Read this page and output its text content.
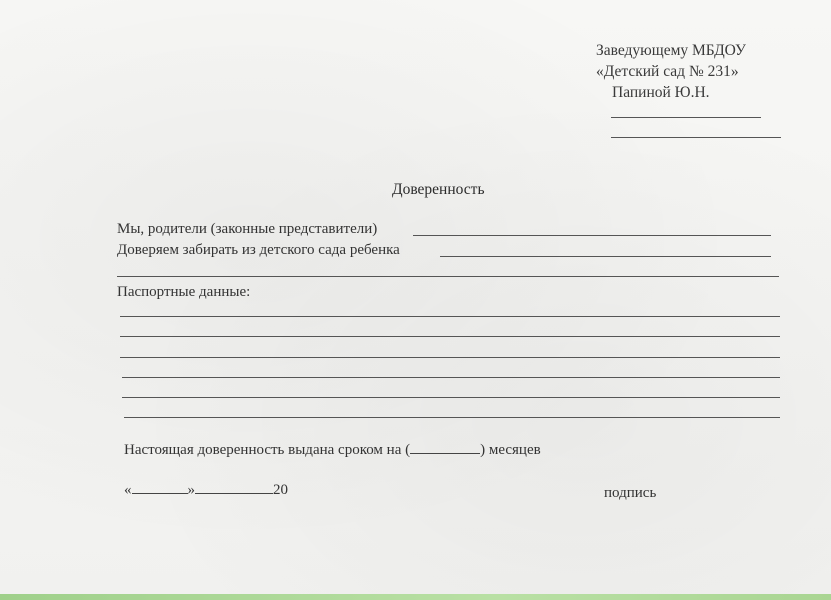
Заведующему МБДОУ
«Детский сад № 231»
Папиной Ю.Н.
Доверенность
Мы, родители (законные представители)
Доверяем забирать из детского сада ребенка
Паспортные данные:
Настоящая доверенность выдана сроком на (	) месяцев
«	»	20	подпись
